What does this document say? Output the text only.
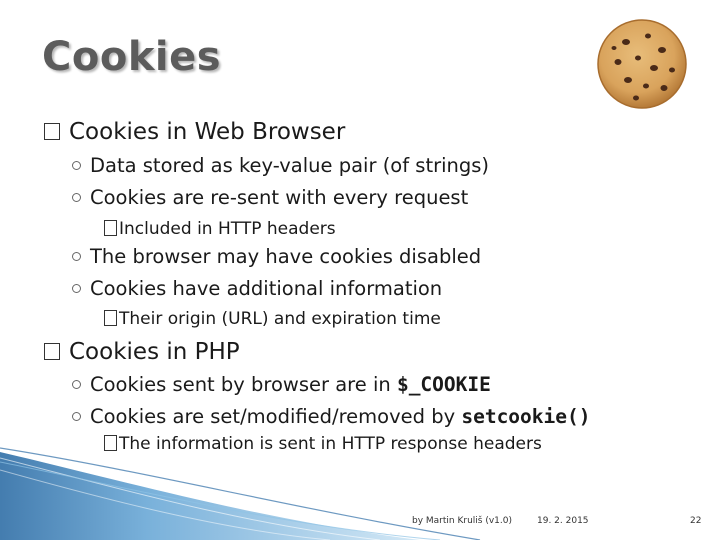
Cookies
Cookies in Web Browser
Data stored as key-value pair (of strings)
Cookies are re-sent with every request
Included in HTTP headers
The browser may have cookies disabled
Cookies have additional information
Their origin (URL) and expiration time
Cookies in PHP
Cookies sent by browser are in $_COOKIE
Cookies are set/modified/removed by setcookie()
The information is sent in HTTP response headers
by Martin Kruliš (v1.0)	19. 2. 2015	22
